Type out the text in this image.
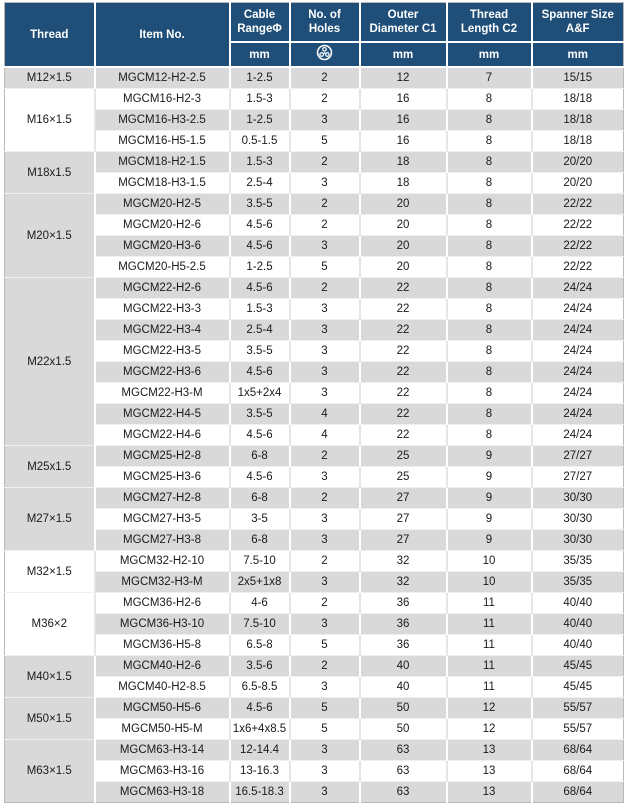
Thread	Item No.	Cable RangeΦ	No. of Holes	Outer Diameter C1	Thread Length C2	Spanner Size A&F
		mm		mm	mm	mm
M12×1.5	MGCM12-H2-2.5	1-2.5	2	12	7	15/15
M16×1.5	MGCM16-H2-3	1.5-3	2	16	8	18/18
	MGCM16-H3-2.5	1-2.5	3	16	8	18/18
	MGCM16-H5-1.5	0.5-1.5	5	16	8	18/18
M18x1.5	MGCM18-H2-1.5	1.5-3	2	18	8	20/20
	MGCM18-H3-1.5	2.5-4	3	18	8	20/20
M20×1.5	MGCM20-H2-5	3.5-5	2	20	8	22/22
	MGCM20-H2-6	4.5-6	2	20	8	22/22
	MGCM20-H3-6	4.5-6	3	20	8	22/22
	MGCM20-H5-2.5	1-2.5	5	20	8	22/22
M22x1.5	MGCM22-H2-6	4.5-6	2	22	8	24/24
	MGCM22-H3-3	1.5-3	3	22	8	24/24
	MGCM22-H3-4	2.5-4	3	22	8	24/24
	MGCM22-H3-5	3.5-5	3	22	8	24/24
	MGCM22-H3-6	4.5-6	3	22	8	24/24
	MGCM22-H3-M	1x5+2x4	3	22	8	24/24
	MGCM22-H4-5	3.5-5	4	22	8	24/24
	MGCM22-H4-6	4.5-6	4	22	8	24/24
M25x1.5	MGCM25-H2-8	6-8	2	25	9	27/27
	MGCM25-H3-6	4.5-6	3	25	9	27/27
M27×1.5	MGCM27-H2-8	6-8	2	27	9	30/30
	MGCM27-H3-5	3-5	3	27	9	30/30
	MGCM27-H3-8	6-8	3	27	9	30/30
M32×1.5	MGCM32-H2-10	7.5-10	2	32	10	35/35
	MGCM32-H3-M	2x5+1x8	3	32	10	35/35
M36×2	MGCM36-H2-6	4-6	2	36	11	40/40
	MGCM36-H3-10	7.5-10	3	36	11	40/40
	MGCM36-H5-8	6.5-8	5	36	11	40/40
M40×1.5	MGCM40-H2-6	3.5-6	2	40	11	45/45
	MGCM40-H2-8.5	6.5-8.5	3	40	11	45/45
M50×1.5	MGCM50-H5-6	4.5-6	5	50	12	55/57
	MGCM50-H5-M	1x6+4x8.5	5	50	12	55/57
M63×1.5	MGCM63-H3-14	12-14.4	3	63	13	68/64
	MGCM63-H3-16	13-16.3	3	63	13	68/64
	MGCM63-H3-18	16.5-18.3	3	63	13	68/64
